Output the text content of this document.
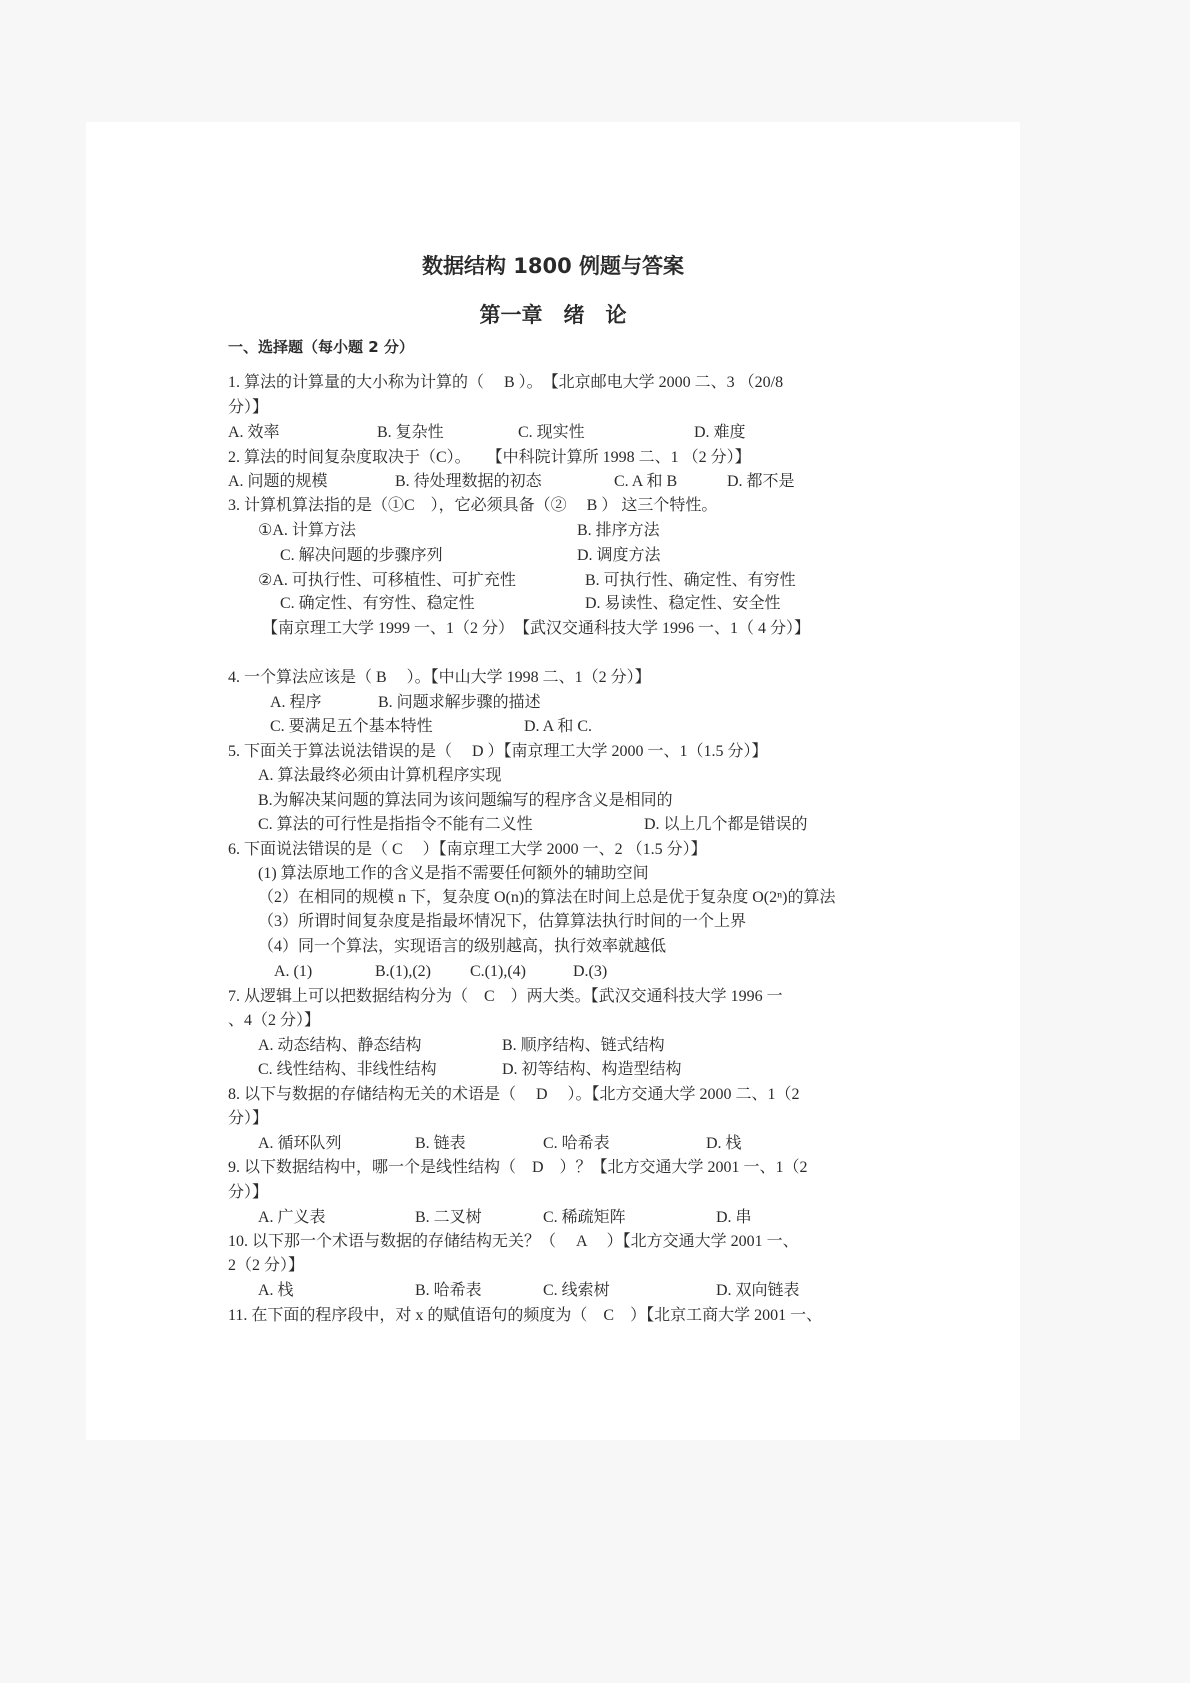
数据结构 1800 例题与答案
第一章　绪　论
一、选择题（每小题 2 分）
1. 算法的计算量的大小称为计算的（　 B ）。　【北京邮电大学 2000 二、3 （20/8
分）】
A. 效率	B. 复杂性	C. 现实性	D. 难度
2. 算法的时间复杂度取决于（C）。　　【中科院计算所 1998 二、1 （2 分）】
A. 问题的规模	B. 待处理数据的初态	C. A 和 B	D. 都不是
3. 计算机算法指的是（①C　），它必须具备（②　 B ） 这三个特性。
①A. 计算方法	B. 排序方法
C. 解决问题的步骤序列	D. 调度方法
②A. 可执行性、可移植性、可扩充性	B. 可执行性、确定性、有穷性
C. 确定性、有穷性、稳定性	D. 易读性、稳定性、安全性
【南京理工大学 1999 一、1（2 分）　【武汉交通科技大学 1996 一、1（ 4 分）】
4. 一个算法应该是（ B　 ）。【中山大学 1998 二、1（2 分）】
A. 程序	B. 问题求解步骤的描述
C. 要满足五个基本特性	D. A 和 C.
5. 下面关于算法说法错误的是（　 D ）【南京理工大学 2000 一、1（1.5 分）】
A. 算法最终必须由计算机程序实现
B.为解决某问题的算法同为该问题编写的程序含义是相同的
C. 算法的可行性是指指令不能有二义性	D. 以上几个都是错误的
6. 下面说法错误的是（ C　 ）【南京理工大学 2000 一、2 （1.5 分）】
(1) 算法原地工作的含义是指不需要任何额外的辅助空间
（2）在相同的规模 n 下，复杂度 O(n)的算法在时间上总是优于复杂度 O(2ⁿ)的算法
（3）所谓时间复杂度是指最坏情况下，估算算法执行时间的一个上界
（4）同一个算法，实现语言的级别越高，执行效率就越低
A. (1)	B.(1),(2) C.(1),(4)	D.(3)
7. 从逻辑上可以把数据结构分为（　C　）两大类。【武汉交通科技大学 1996 一
、4（2 分）】
A. 动态结构、静态结构	B. 顺序结构、链式结构
C. 线性结构、非线性结构	D. 初等结构、构造型结构
8. 以下与数据的存储结构无关的术语是（　 D　 ）。【北方交通大学 2000 二、1（2
分）】
A. 循环队列	B. 链表	C. 哈希表	D. 栈
9. 以下数据结构中，哪一个是线性结构（　D　）？【北方交通大学 2001 一、1（2
分）】
A. 广义表	B. 二叉树	C. 稀疏矩阵	D. 串
10. 以下那一个术语与数据的存储结构无关？（　 A　 ）【北方交通大学 2001 一、
2（2 分）】
A. 栈	B. 哈希表	C. 线索树	D. 双向链表
11. 在下面的程序段中，对 x 的赋值语句的频度为（　C　）【北京工商大学 2001 一、
